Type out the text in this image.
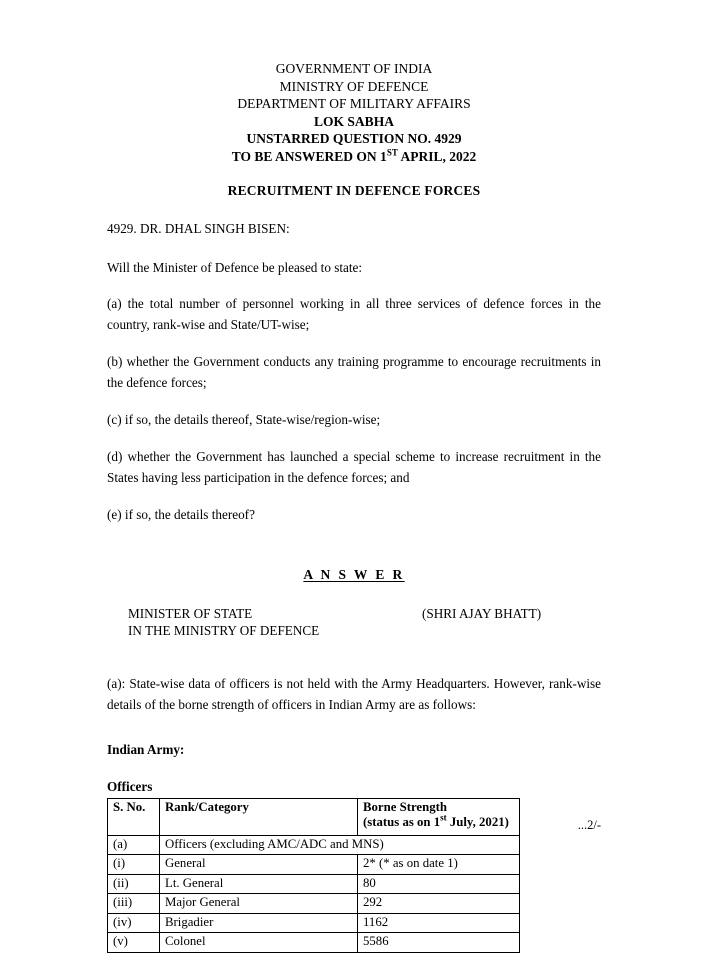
GOVERNMENT OF INDIA
MINISTRY OF DEFENCE
DEPARTMENT OF MILITARY AFFAIRS
LOK SABHA
UNSTARRED QUESTION NO. 4929
TO BE ANSWERED ON 1ST APRIL, 2022
RECRUITMENT IN DEFENCE FORCES
4929. DR. DHAL SINGH BISEN:
Will the Minister of Defence be pleased to state:
(a) the total number of personnel working in all three services of defence forces in the country, rank-wise and State/UT-wise;
(b) whether the Government conducts any training programme to encourage recruitments in the defence forces;
(c) if so, the details thereof, State-wise/region-wise;
(d) whether the Government has launched a special scheme to increase recruitment in the States having less participation in the defence forces; and
(e) if so, the details thereof?
A N S W E R
MINISTER OF STATE
IN THE MINISTRY OF DEFENCE
(SHRI AJAY BHATT)
(a): State-wise data of officers is not held with the Army Headquarters. However, rank-wise details of the borne strength of officers in Indian Army are as follows:
Indian Army:
Officers
S. No.	Rank/Category	Borne Strength
(status as on 1st July, 2021)

(a)	Officers (excluding AMC/ADC and MNS)	
(i)	General	2* (* as on date 1)
(ii)	Lt. General	80
(iii)	Major General	292
(iv)	Brigadier	1162
(v)	Colonel	5586
...2/-
